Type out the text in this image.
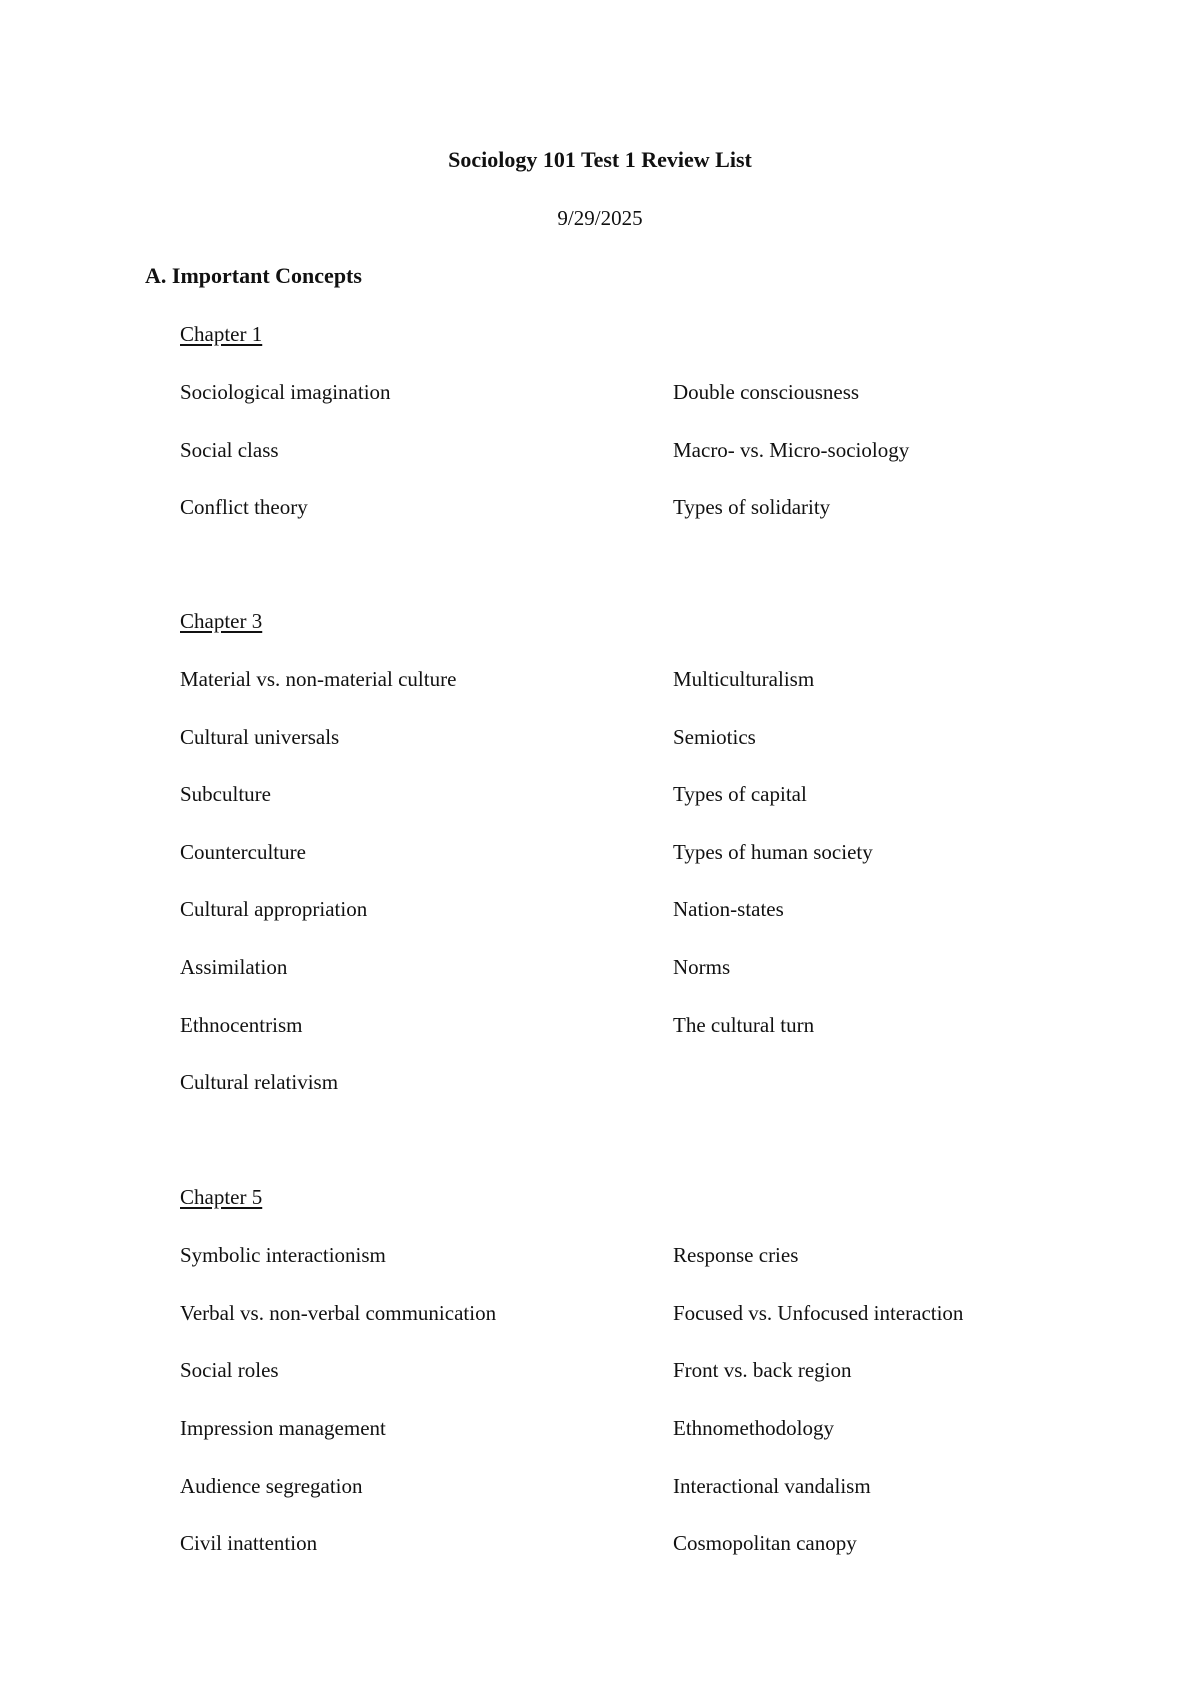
Sociology 101 Test 1 Review List
9/29/2025
A. Important Concepts
Chapter 1
Sociological imagination	Double consciousness
Social class	Macro- vs. Micro-sociology
Conflict theory	Types of solidarity
Chapter 3
Material vs. non-material culture	Multiculturalism
Cultural universals	Semiotics
Subculture	Types of capital
Counterculture	Types of human society
Cultural appropriation	Nation-states
Assimilation	Norms
Ethnocentrism	The cultural turn
Cultural relativism
Chapter 5
Symbolic interactionism	Response cries
Verbal vs. non-verbal communication	Focused vs. Unfocused interaction
Social roles	Front vs. back region
Impression management	Ethnomethodology
Audience segregation	Interactional vandalism
Civil inattention	Cosmopolitan canopy
